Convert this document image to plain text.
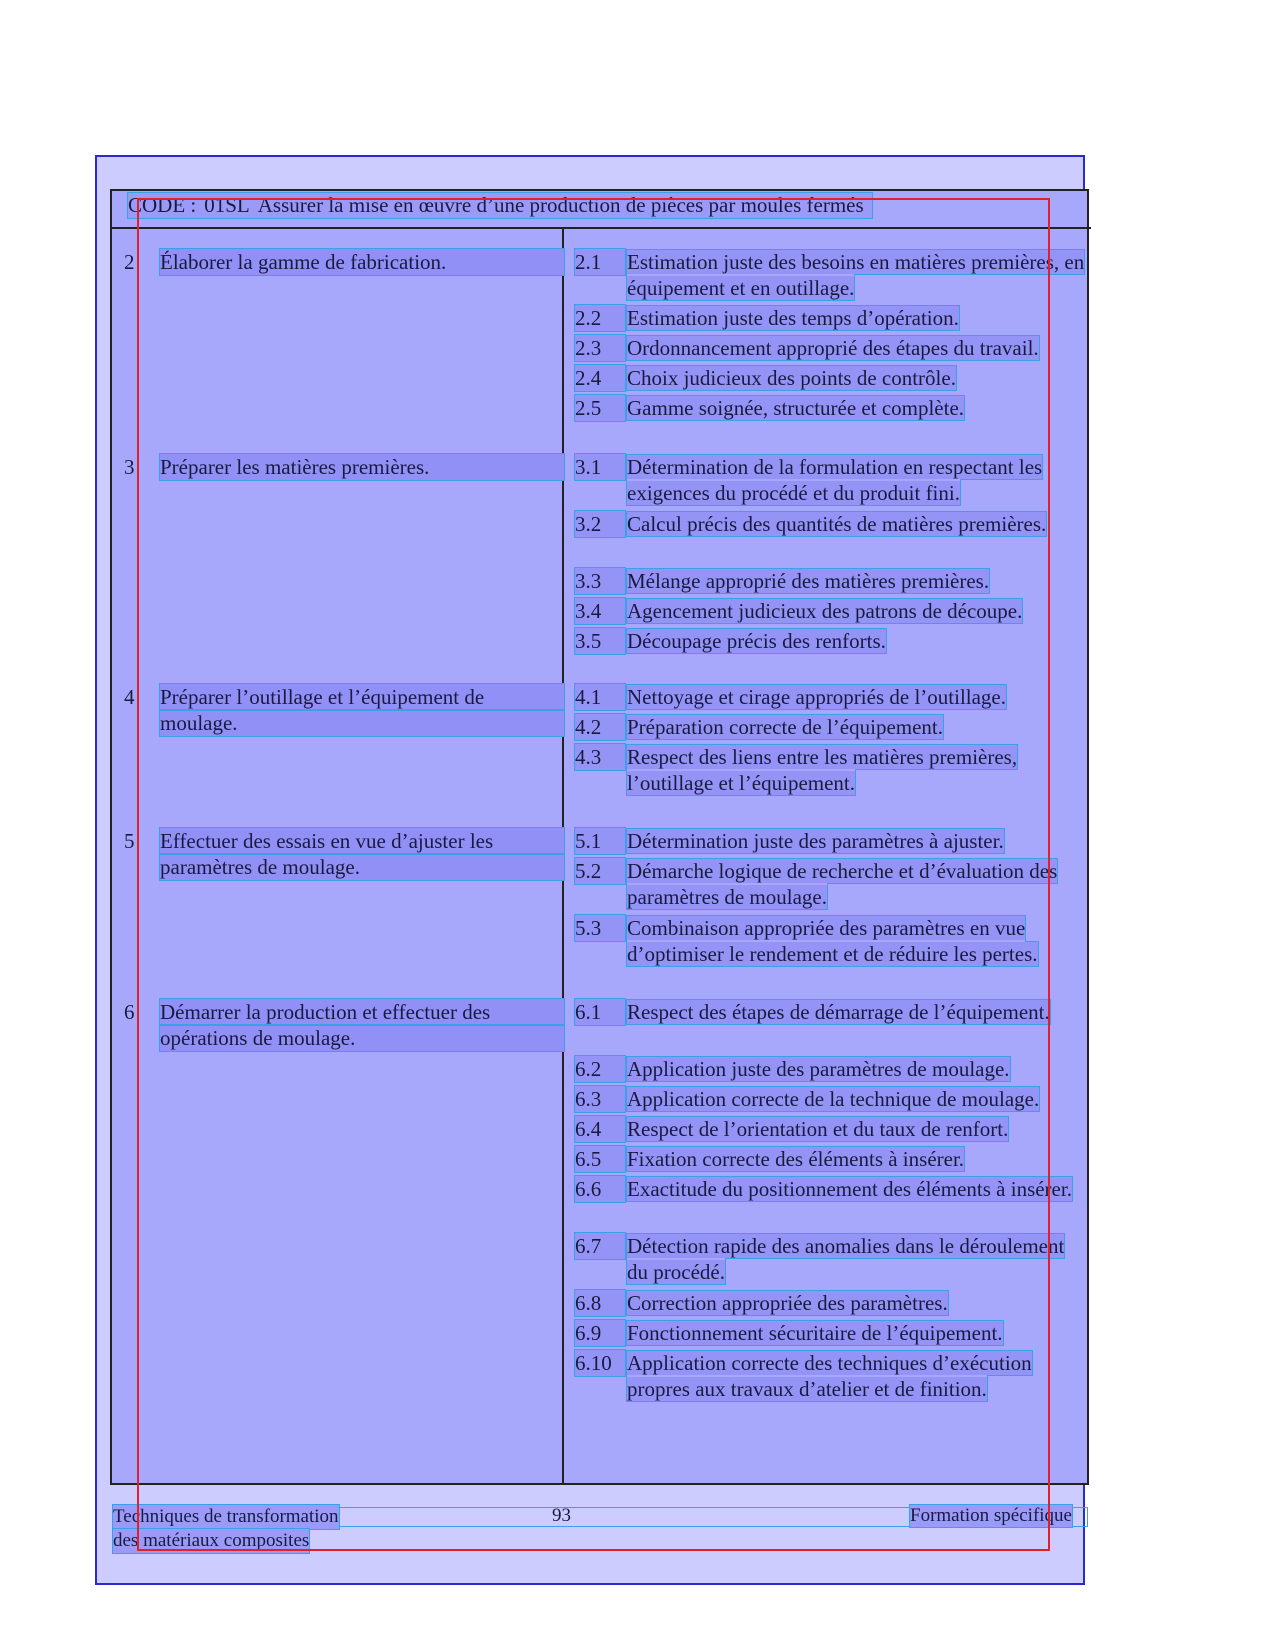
CODE : 01SL Assurer la mise en œuvre d’une production de pièces par moules fermés
2 Élaborer la gamme de fabrication.	2.1	Estimation juste des besoins en matières premières, en équipement et en outillage.
2.2	Estimation juste des temps d’opération.
2.3	Ordonnancement approprié des étapes du travail.
2.4	Choix judicieux des points de contrôle.
2.5	Gamme soignée, structurée et complète.
3 Préparer les matières premières.	3.1	Détermination de la formulation en respectant les exigences du procédé et du produit fini.
3.2	Calcul précis des quantités de matières premières.
3.3	Mélange approprié des matières premières.
3.4	Agencement judicieux des patrons de découpe.
3.5	Découpage précis des renforts.
4 Préparer l’outillage et l’équipement de
moulage.
4.1	Nettoyage et cirage appropriés de l’outillage.
4.2	Préparation correcte de l’équipement.
4.3	Respect des liens entre les matières premières, l’outillage et l’équipement.
5 Effectuer des essais en vue d’ajuster les
paramètres de moulage.
5.1	Détermination juste des paramètres à ajuster.
5.2	Démarche logique de recherche et d’évaluation des paramètres de moulage.
5.3	Combinaison appropriée des paramètres en vue d’optimiser le rendement et de réduire les pertes.
6 Démarrer la production et effectuer des
opérations de moulage.
6.1	Respect des étapes de démarrage de l’équipement.
6.2	Application juste des paramètres de moulage.
6.3	Application correcte de la technique de moulage.
6.4	Respect de l’orientation et du taux de renfort.
6.5	Fixation correcte des éléments à insérer.
6.6	Exactitude du positionnement des éléments à insérer.
6.7	Détection rapide des anomalies dans le déroulement du procédé.
6.8	Correction appropriée des paramètres.
6.9	Fonctionnement sécuritaire de l’équipement.
6.10 Application correcte des techniques d’exécution propres aux travaux d’atelier et de finition.
Techniques de transformation
des matériaux composites
93	Formation spécifique
